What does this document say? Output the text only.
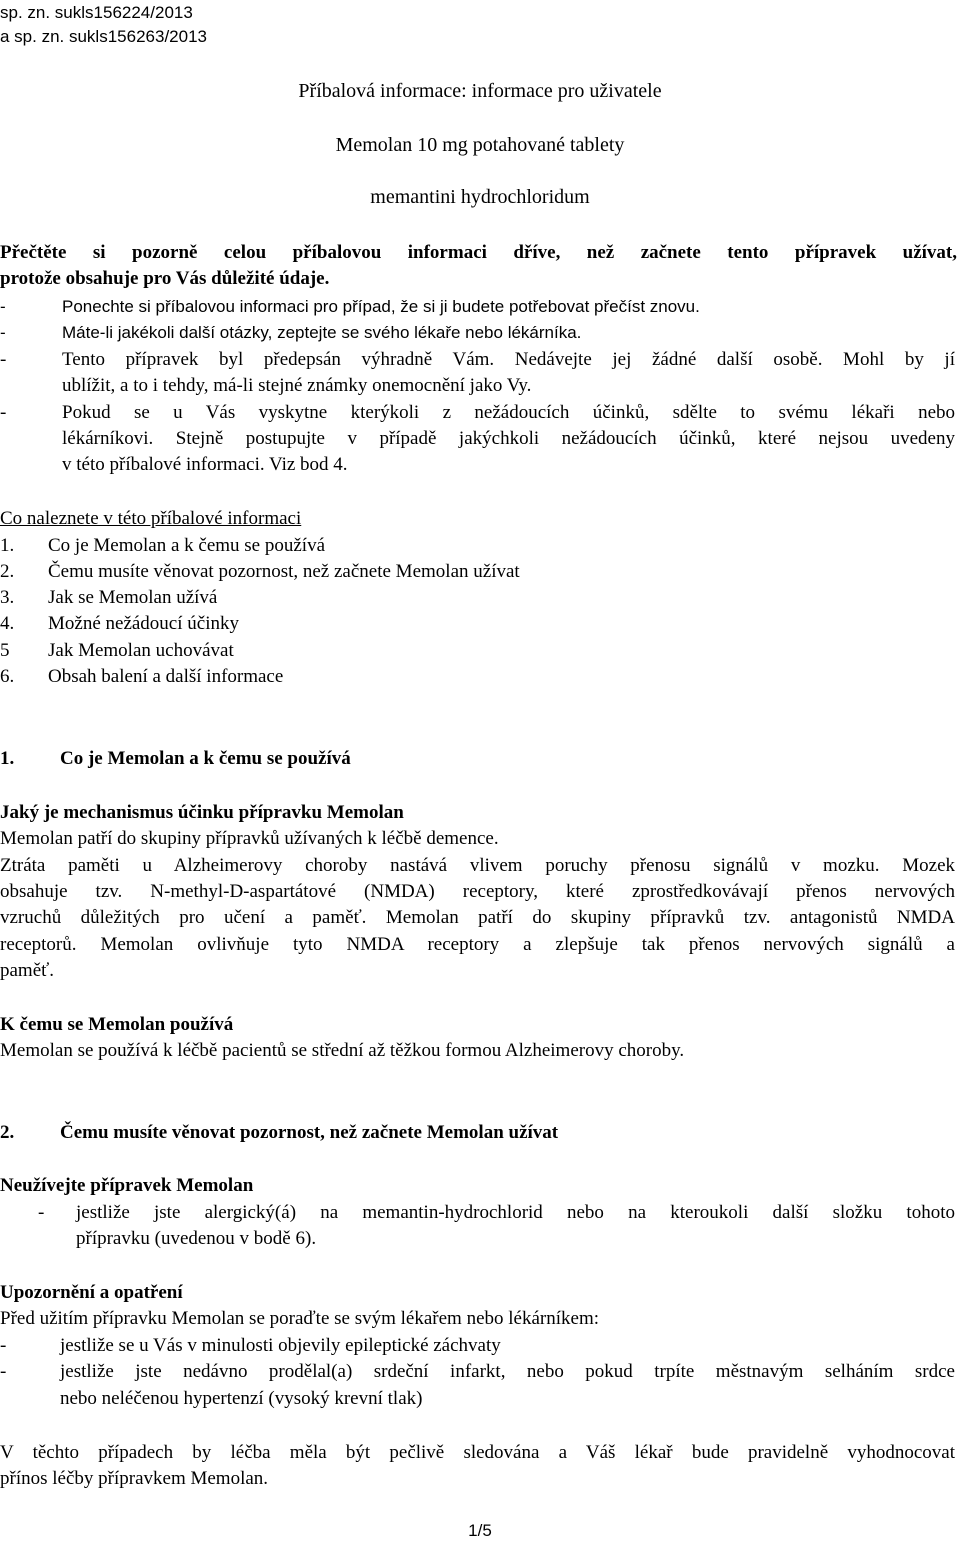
sp. zn. sukls156224/2013
a sp. zn. sukls156263/2013
Příbalová informace: informace pro uživatele
Memolan 10 mg potahované tablety
memantini hydrochloridum
Přečtěte si pozorně celou příbalovou informaci dříve, než začnete tento přípravek užívat,
protože obsahuje pro Vás důležité údaje.
-	Ponechte si příbalovou informaci pro případ, že si ji budete potřebovat přečíst znovu.
-	Máte-li jakékoli další otázky, zeptejte se svého lékaře nebo lékárníka.
-	Tento přípravek byl předepsán výhradně Vám. Nedávejte jej žádné další osobě. Mohl by jí
ublížit, a to i tehdy, má-li stejné známky onemocnění jako Vy.
-	Pokud se u Vás vyskytne kterýkoli z nežádoucích účinků, sdělte to svému lékaři nebo
lékárníkovi. Stejně postupujte v případě jakýchkoli nežádoucích účinků, které nejsou uvedeny
v této příbalové informaci. Viz bod 4.
Co naleznete v této příbalové informaci
1. Co je Memolan a k čemu se používá
2. Čemu musíte věnovat pozornost, než začnete Memolan užívat
3. Jak se Memolan užívá
4. Možné nežádoucí účinky
5 Jak Memolan uchovávat
6. Obsah balení a další informace
1. Co je Memolan a k čemu se používá
Jaký je mechanismus účinku přípravku Memolan
Memolan patří do skupiny přípravků užívaných k léčbě demence.
Ztráta paměti u Alzheimerovy choroby nastává vlivem poruchy přenosu signálů v mozku. Mozek
obsahuje tzv. N-methyl-D-aspartátové (NMDA) receptory, které zprostředkovávají přenos nervových
vzruchů důležitých pro učení a paměť. Memolan patří do skupiny přípravků tzv. antagonistů NMDA
receptorů. Memolan ovlivňuje tyto NMDA receptory a zlepšuje tak přenos nervových signálů a
paměť.
K čemu se Memolan používá
Memolan se používá k léčbě pacientů se střední až těžkou formou Alzheimerovy choroby.
2. Čemu musíte věnovat pozornost, než začnete Memolan užívat
Neužívejte přípravek Memolan
- jestliže jste alergický(á) na memantin-hydrochlorid nebo na kteroukoli další složku tohoto
přípravku (uvedenou v bodě 6).
Upozornění a opatření
Před užitím přípravku Memolan se poraďte se svým lékařem nebo lékárníkem:
-	jestliže se u Vás v minulosti objevily epileptické záchvaty
-	jestliže jste nedávno prodělal(a) srdeční infarkt, nebo pokud trpíte městnavým selháním srdce
nebo neléčenou hypertenzí (vysoký krevní tlak)
V těchto případech by léčba měla být pečlivě sledována a Váš lékař bude pravidelně vyhodnocovat
přínos léčby přípravkem Memolan.
1/5
